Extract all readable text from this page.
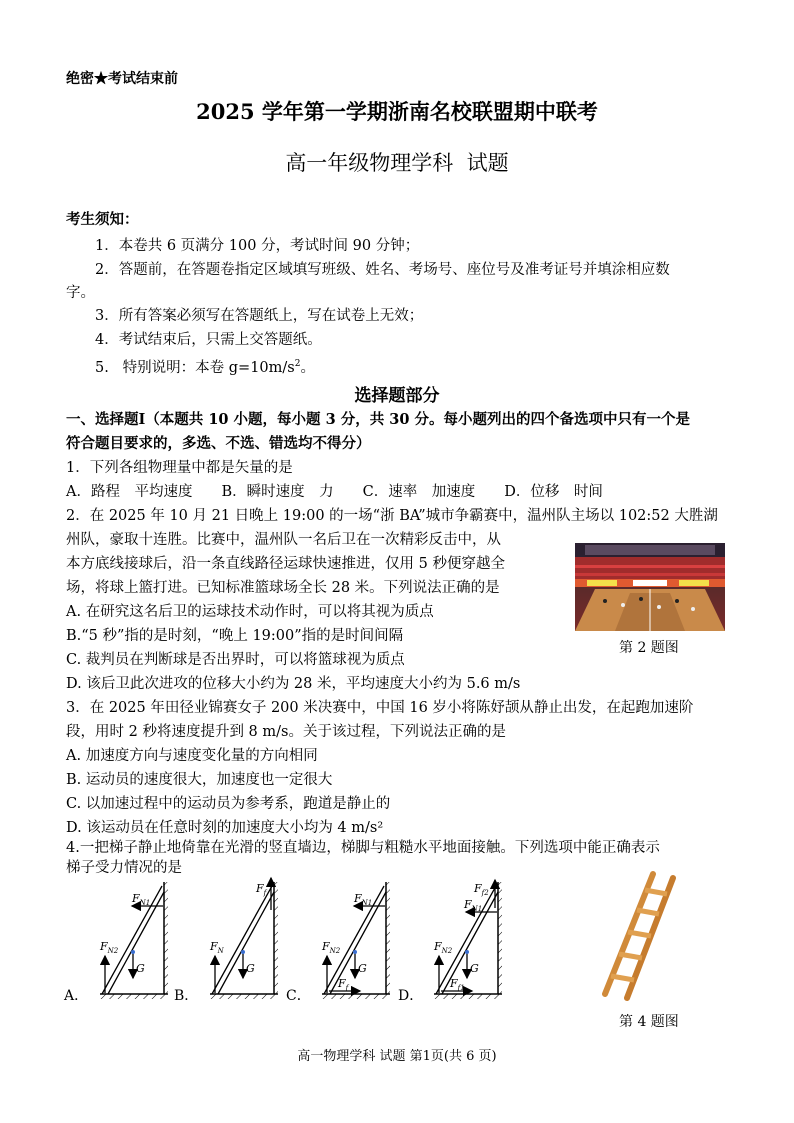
绝密★考试结束前
2025 学年第一学期浙南名校联盟期中联考
高一年级物理学科 试题
考生须知：
1．本卷共 6 页满分 100 分，考试时间 90 分钟；
2．答题前，在答题卷指定区域填写班级、姓名、考场号、座位号及准考证号并填涂相应数
字。
3．所有答案必须写在答题纸上，写在试卷上无效；
4．考试结束后，只需上交答题纸。
5. 特别说明：本卷 $g=10m/s^2$。
选择题部分
一、选择题Ⅰ（本题共 10 小题，每小题 3 分，共 30 分。每小题列出的四个备选项中只有一个是
符合题目要求的，多选、不选、错选均不得分）
1．下列各组物理量中都是矢量的是
A．路程　平均速度　　B．瞬时速度　力　　C．速率　加速度　　D．位移　时间
2．在 2025 年 10 月 21 日晚上 19:00 的一场“浙 BA”城市争霸赛中，温州队主场以 102:52 大胜湖
州队，豪取十连胜。比赛中，温州队一名后卫在一次精彩反击中，从
本方底线接球后，沿一条直线路径运球快速推进，仅用 5 秒便穿越全
场，将球上篮打进。已知标准篮球场全长 28 米。下列说法正确的是
A. 在研究这名后卫的运球技术动作时，可以将其视为质点
B.“5 秒”指的是时刻，“晚上 19:00”指的是时间间隔
C. 裁判员在判断球是否出界时，可以将篮球视为质点
D. 该后卫此次进攻的位移大小约为 28 米，平均速度大小约为 5.6 m/s
第 2 题图
3．在 2025 年田径业锦赛女子 200 米决赛中，中国 16 岁小将陈妤颉从静止出发，在起跑加速阶
段，用时 2 秒将速度提升到 8 m/s。关于该过程，下列说法正确的是
A. 加速度方向与速度变化量的方向相同
B. 运动员的速度很大，加速度也一定很大
C. 以加速过程中的运动员为参考系，跑道是静止的
D. 该运动员在任意时刻的加速度大小均为 4 m/s²
4.一把梯子静止地倚靠在光滑的竖直墙边，梯脚与粗糙水平地面接触。下列选项中能正确表示
梯子受力情况的是
A．
$F_{N1}$
$F_{N2}$
G
B．
$F_f$
$F_N$
G
C．
$F_{N1}$
$F_{N2}$
$F_f$
G
D．
$F_{f2}$
$F_{N1}$
$F_{N2}$
$F_{f1}$
G
第 4 题图
高一物理学科 试题 第1页(共 6 页)
